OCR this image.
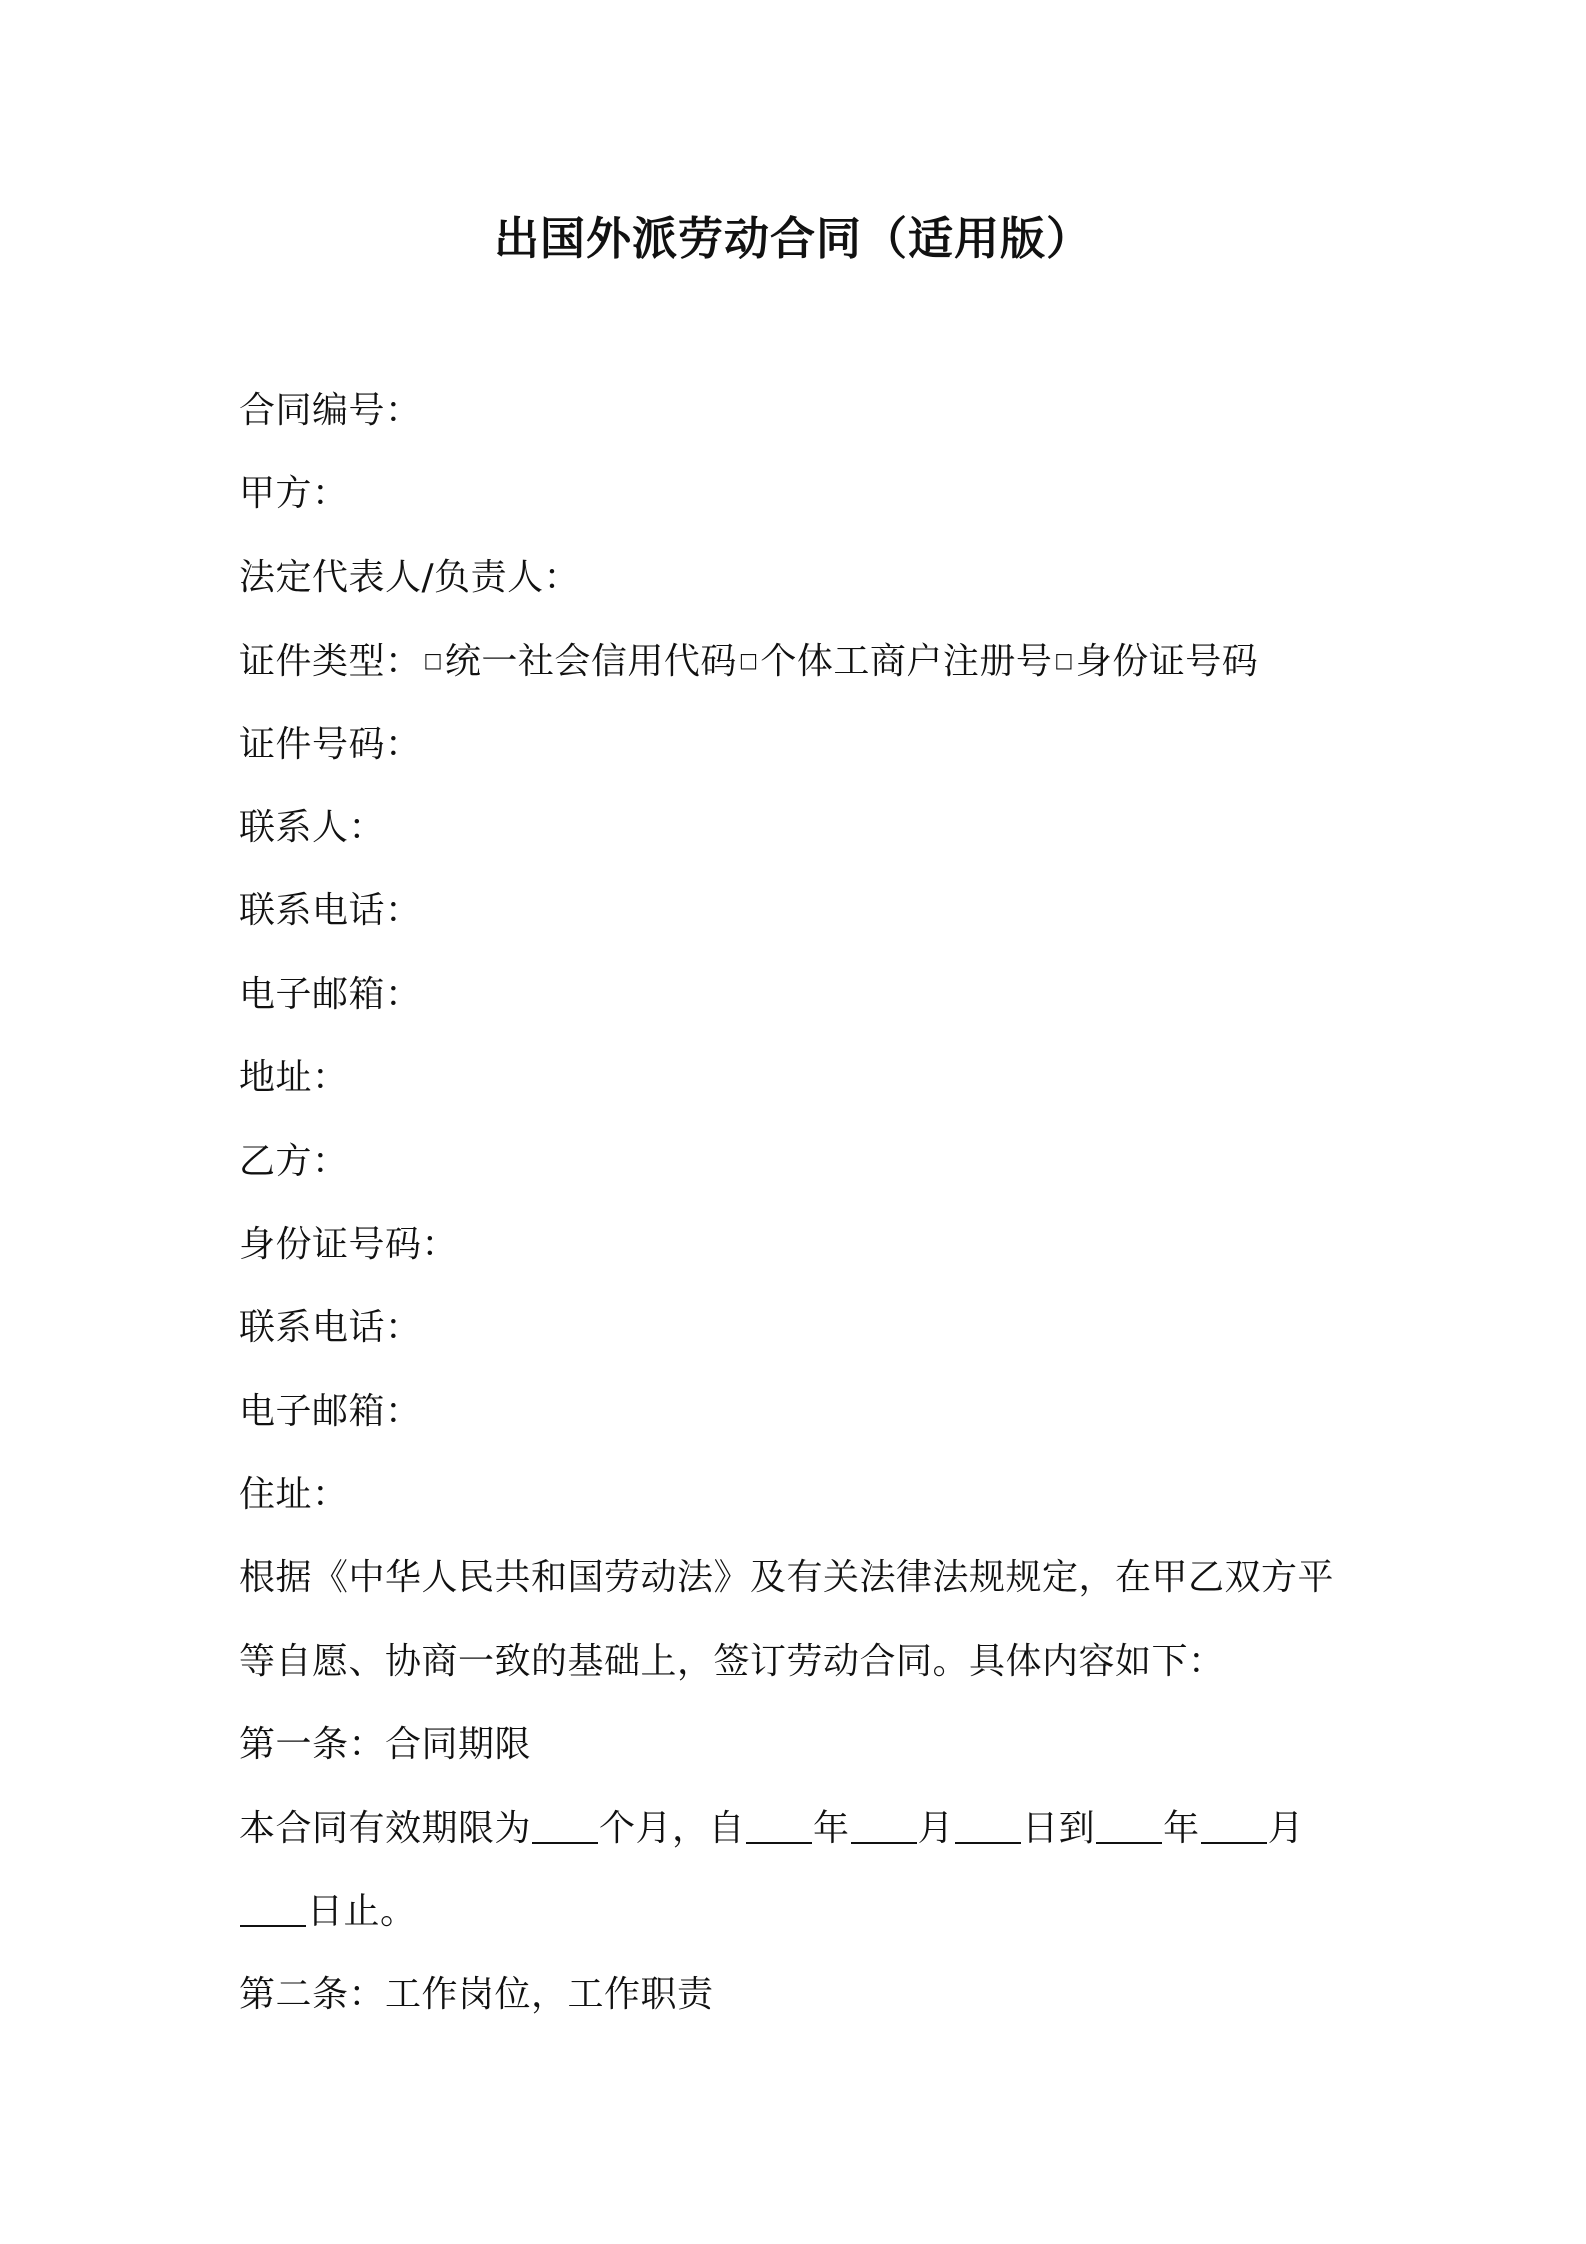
出国外派劳动合同（适用版）
合同编号：
甲方：
法定代表人/负责人：
证件类型： □统一社会信用代码 □个体工商户注册号 □身份证号码
证件号码：
联系人：
联系电话：
电子邮箱：
地址：
乙方：
身份证号码：
联系电话：
电子邮箱：
住址：
根据《中华人民共和国劳动法》及有关法律法规规定，在甲乙双方平
等自愿、协商一致的基础上，签订劳动合同。具体内容如下：
第一条：合同期限
本合同有效期限为 个月，自 年 月 日到 年 月
日止。
第二条：工作岗位，工作职责
